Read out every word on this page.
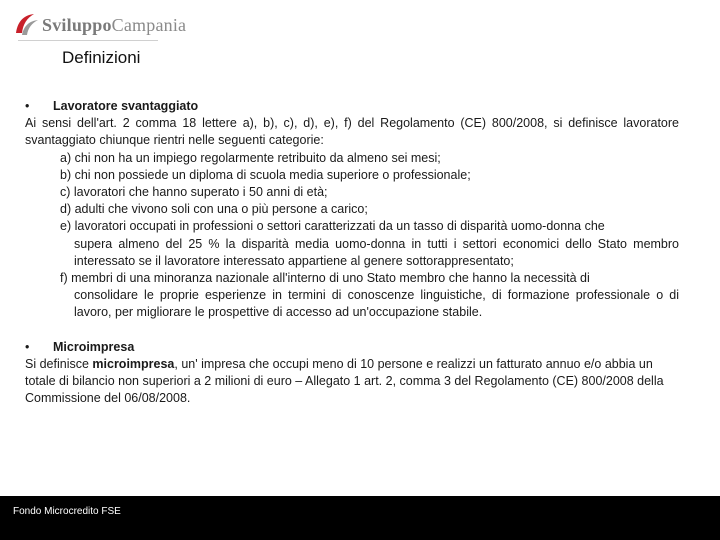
SviluppoCampania
Definizioni
•	Lavoratore svantaggiato
Ai sensi dell'art. 2 comma 18 lettere a), b), c), d), e), f) del Regolamento (CE) 800/2008, si definisce lavoratore svantaggiato chiunque rientri nelle seguenti categorie:
a) chi non ha un impiego regolarmente retribuito da almeno sei mesi;
b) chi non possiede un diploma di scuola media superiore o professionale;
c) lavoratori che hanno superato i 50 anni di età;
d) adulti che vivono soli con una o più persone a carico;
e) lavoratori occupati in professioni o settori caratterizzati da un tasso di disparità uomo-donna che
supera almeno del 25 % la disparità media uomo-donna in tutti i settori economici dello Stato membro interessato se il lavoratore interessato appartiene al genere sottorappresentato;
f) membri di una minoranza nazionale all'interno di uno Stato membro che hanno la necessità di
consolidare le proprie esperienze in termini di conoscenze linguistiche, di formazione professionale o di lavoro, per migliorare le prospettive di accesso ad un'occupazione stabile.
•	Microimpresa
Si definisce microimpresa, un' impresa che occupi meno di 10 persone e realizzi un fatturato annuo e/o abbia un totale di bilancio non superiori a 2 milioni di euro – Allegato 1 art. 2, comma 3 del Regolamento (CE) 800/2008 della Commissione del 06/08/2008.
Fondo Microcredito FSE
